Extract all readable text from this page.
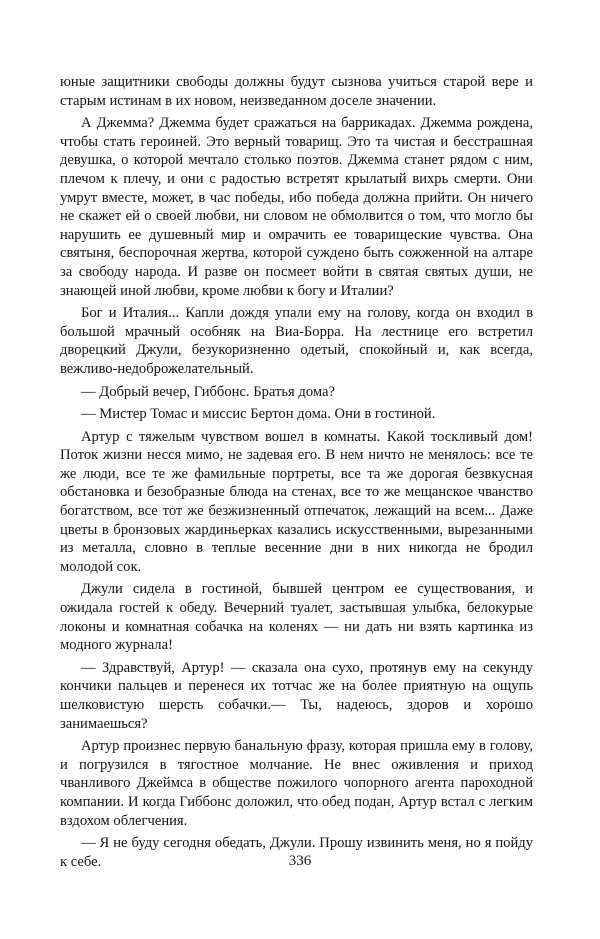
юные защитники свободы должны будут сызнова учиться старой вере и старым истинам в их новом, неизведанном доселе значении.

А Джемма? Джемма будет сражаться на баррикадах. Джемма рождена, чтобы стать героиней. Это верный товарищ. Это та чистая и бесстрашная девушка, о которой мечтало столько поэтов. Джемма станет рядом с ним, плечом к плечу, и они с радостью встретят крылатый вихрь смерти. Они умрут вместе, может, в час победы, ибо победа должна прийти. Он ничего не скажет ей о своей любви, ни словом не обмолвится о том, что могло бы нарушить ее душевный мир и омрачить ее товарищеские чувства. Она святыня, беспорочная жертва, которой суждено быть сожженной на алтаре за свободу народа. И разве он посмеет войти в святая святых души, не знающей иной любви, кроме любви к богу и Италии?

Бог и Италия... Капли дождя упали ему на голову, когда он входил в большой мрачный особняк на Виа-Борра. На лестнице его встретил дворецкий Джули, безукоризненно одетый, спокойный и, как всегда, вежливо-недоброжелательный.

— Добрый вечер, Гиббонс. Братья дома?

— Мистер Томас и миссис Бертон дома. Они в гостиной.

Артур с тяжелым чувством вошел в комнаты. Какой тоскливый дом! Поток жизни несся мимо, не задевая его. В нем ничто не менялось: все те же люди, все те же фамильные портреты, все та же дорогая безвкусная обстановка и безобразные блюда на стенах, все то же мещанское чванство богатством, все тот же безжизненный отпечаток, лежащий на всем... Даже цветы в бронзовых жардиньерках казались искусственными, вырезанными из металла, словно в теплые весенние дни в них никогда не бродил молодой сок.

Джули сидела в гостиной, бывшей центром ее существования, и ожидала гостей к обеду. Вечерний туалет, застывшая улыбка, белокурые локоны и комнатная собачка на коленях — ни дать ни взять картинка из модного журнала!

— Здравствуй, Артур! — сказала она сухо, протянув ему на секунду кончики пальцев и перенеся их тотчас же на более приятную на ощупь шелковистую шерсть собачки.— Ты, надеюсь, здоров и хорошо занимаешься?

Артур произнес первую банальную фразу, которая пришла ему в голову, и погрузился в тягостное молчание. Не внес оживления и приход чванливого Джеймса в обществе пожилого чопорного агента пароходной компании. И когда Гиббонс доложил, что обед подан, Артур встал с легким вздохом облегчения.

— Я не буду сегодня обедать, Джули. Прошу извинить меня, но я пойду к себе.	336
